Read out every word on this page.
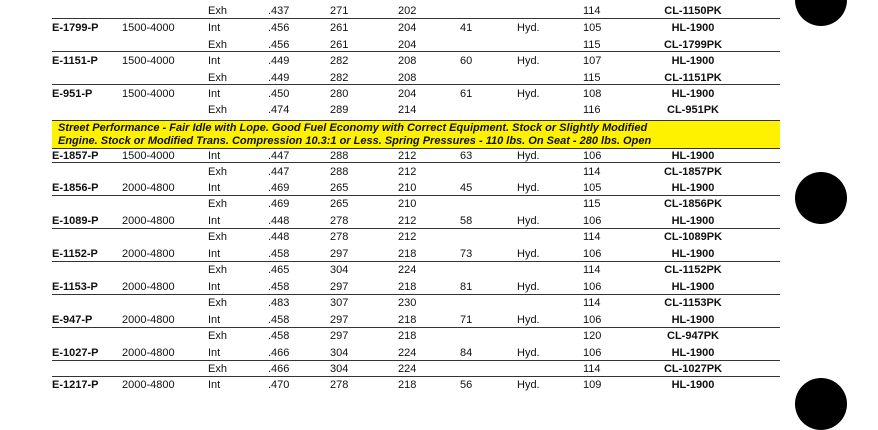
Exh	.437	271	202	114	CL-1150PK
E-1799-P 1500-4000	Int	.456	261	204	41	Hyd.	105	HL-1900
Exh	.456	261	204	115	CL-1799PK
E-1151-P 1500-4000	Int	.449	282	208	60	Hyd.	107	HL-1900
Exh	.449	282	208	115	CL-1151PK
E-951-P	1500-4000	Int	.450	280	204	61	Hyd.	108	HL-1900
Exh	.474	289	214	116	CL-951PK
E-1857-P 1500-4000	Int	.447	288	212	63	Hyd.	106	HL-1900
Exh	.447	288	212	114	CL-1857PK
E-1856-P 2000-4800	Int	.469	265	210	45	Hyd.	105	HL-1900
Exh	.469	265	210	115	CL-1856PK
E-1089-P 2000-4800	Int	.448	278	212	58	Hyd.	106	HL-1900
Exh	.448	278	212	114	CL-1089PK
E-1152-P 2000-4800	Int	.458	297	218	73	Hyd.	106	HL-1900
Exh	.465	304	224	114	CL-1152PK
E-1153-P 2000-4800	Int	.458	297	218	81	Hyd.	106	HL-1900
Exh	.483	307	230	114	CL-1153PK
E-947-P	2000-4800	Int	.458	297	218	71	Hyd.	106	HL-1900
Exh	.458	297	218	120	CL-947PK
E-1027-P 2000-4800	Int	.466	304	224	84	Hyd.	106	HL-1900
Exh	.466	304	224	114	CL-1027PK
E-1217-P 2000-4800	Int	.470	278	218	56	Hyd.	109	HL-1900
Street Performance - Fair Idle with Lope. Good Fuel Economy with Correct Equipment. Stock or Slightly Modified
Engine. Stock or Modified Trans. Compression 10.3:1 or Less. Spring Pressures - 110 lbs. On Seat - 280 lbs. Open
